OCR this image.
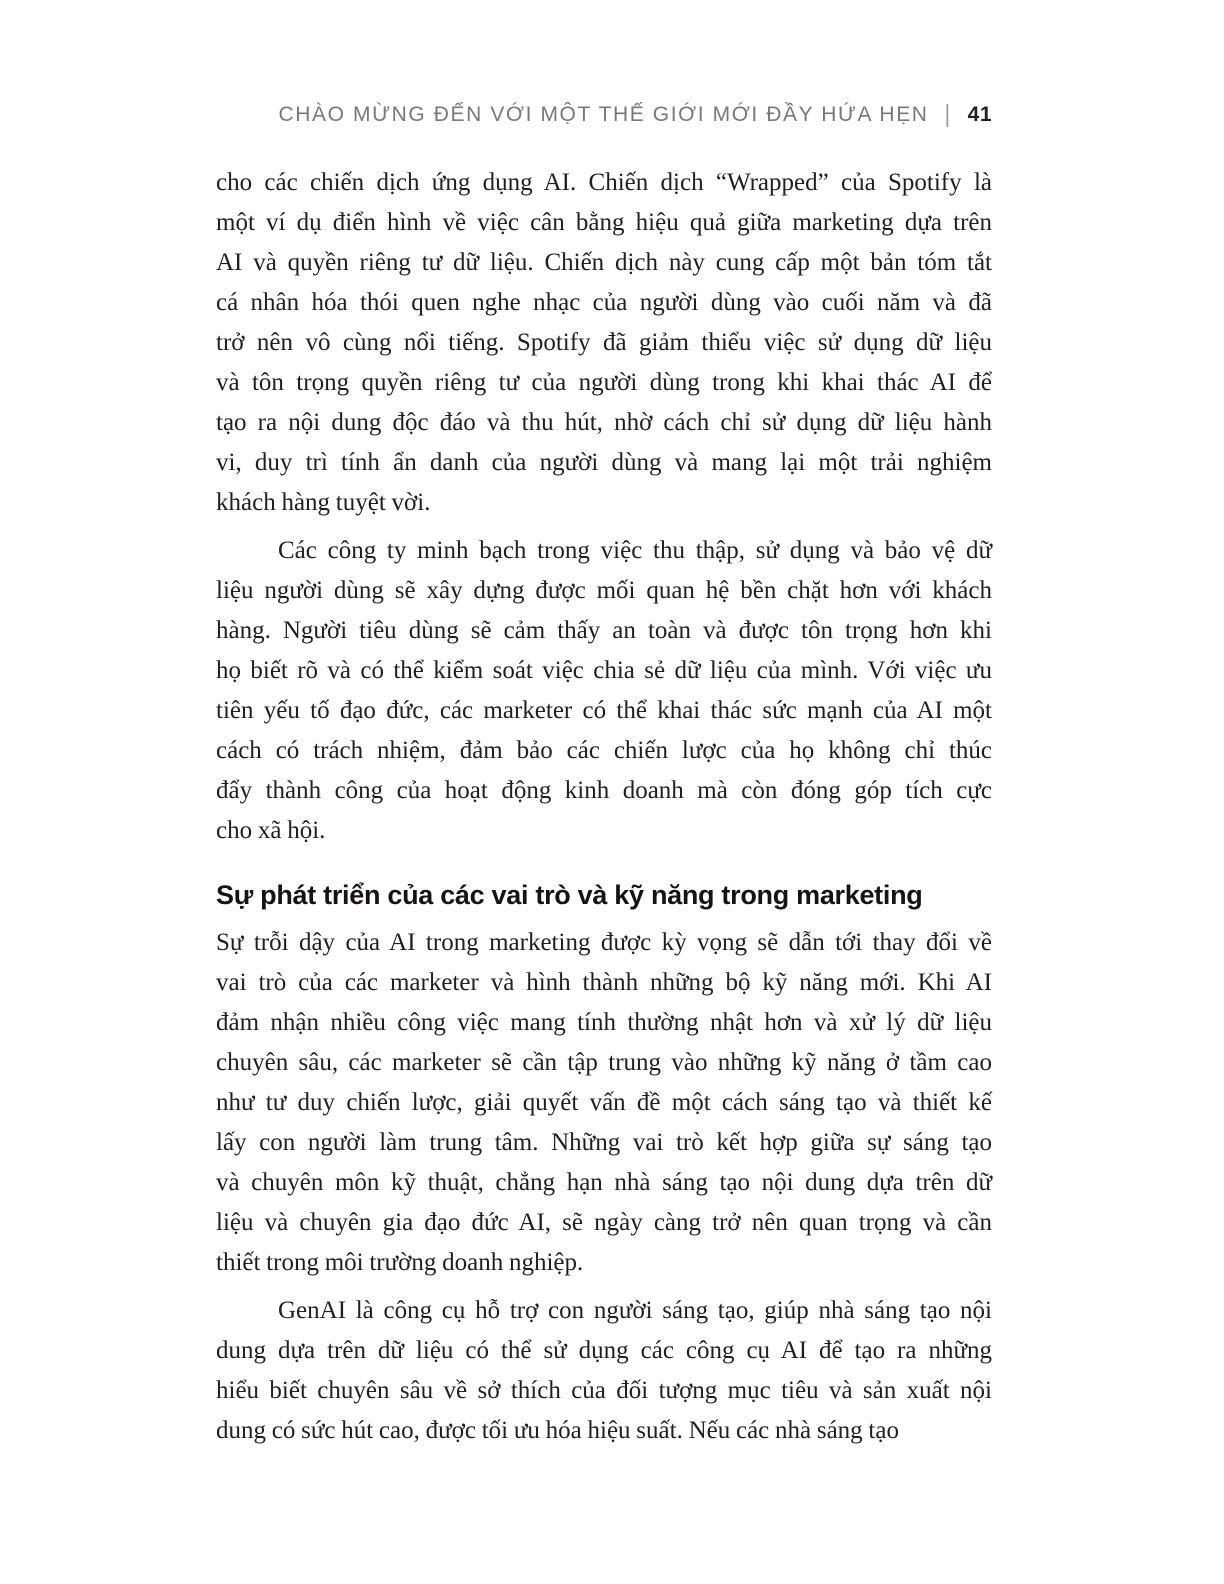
CHÀO MỪNG ĐẾN VỚI MỘT THẾ GIỚI MỚI ĐẦY HỨA HẸN | 41
cho các chiến dịch ứng dụng AI. Chiến dịch “Wrapped” của Spotify là
một ví dụ điển hình về việc cân bằng hiệu quả giữa marketing dựa trên
AI và quyền riêng tư dữ liệu. Chiến dịch này cung cấp một bản tóm tắt
cá nhân hóa thói quen nghe nhạc của người dùng vào cuối năm và đã
trở nên vô cùng nổi tiếng. Spotify đã giảm thiểu việc sử dụng dữ liệu
và tôn trọng quyền riêng tư của người dùng trong khi khai thác AI để
tạo ra nội dung độc đáo và thu hút, nhờ cách chỉ sử dụng dữ liệu hành
vi, duy trì tính ẩn danh của người dùng và mang lại một trải nghiệm
khách hàng tuyệt vời.
Các công ty minh bạch trong việc thu thập, sử dụng và bảo vệ dữ
liệu người dùng sẽ xây dựng được mối quan hệ bền chặt hơn với khách
hàng. Người tiêu dùng sẽ cảm thấy an toàn và được tôn trọng hơn khi
họ biết rõ và có thể kiểm soát việc chia sẻ dữ liệu của mình. Với việc ưu
tiên yếu tố đạo đức, các marketer có thể khai thác sức mạnh của AI một
cách có trách nhiệm, đảm bảo các chiến lược của họ không chỉ thúc
đẩy thành công của hoạt động kinh doanh mà còn đóng góp tích cực
cho xã hội.
Sự phát triển của các vai trò và kỹ năng trong marketing
Sự trỗi dậy của AI trong marketing được kỳ vọng sẽ dẫn tới thay đổi về
vai trò của các marketer và hình thành những bộ kỹ năng mới. Khi AI
đảm nhận nhiều công việc mang tính thường nhật hơn và xử lý dữ liệu
chuyên sâu, các marketer sẽ cần tập trung vào những kỹ năng ở tầm cao
như tư duy chiến lược, giải quyết vấn đề một cách sáng tạo và thiết kế
lấy con người làm trung tâm. Những vai trò kết hợp giữa sự sáng tạo
và chuyên môn kỹ thuật, chẳng hạn nhà sáng tạo nội dung dựa trên dữ
liệu và chuyên gia đạo đức AI, sẽ ngày càng trở nên quan trọng và cần
thiết trong môi trường doanh nghiệp.
GenAI là công cụ hỗ trợ con người sáng tạo, giúp nhà sáng tạo nội
dung dựa trên dữ liệu có thể sử dụng các công cụ AI để tạo ra những
hiểu biết chuyên sâu về sở thích của đối tượng mục tiêu và sản xuất nội
dung có sức hút cao, được tối ưu hóa hiệu suất. Nếu các nhà sáng tạo
